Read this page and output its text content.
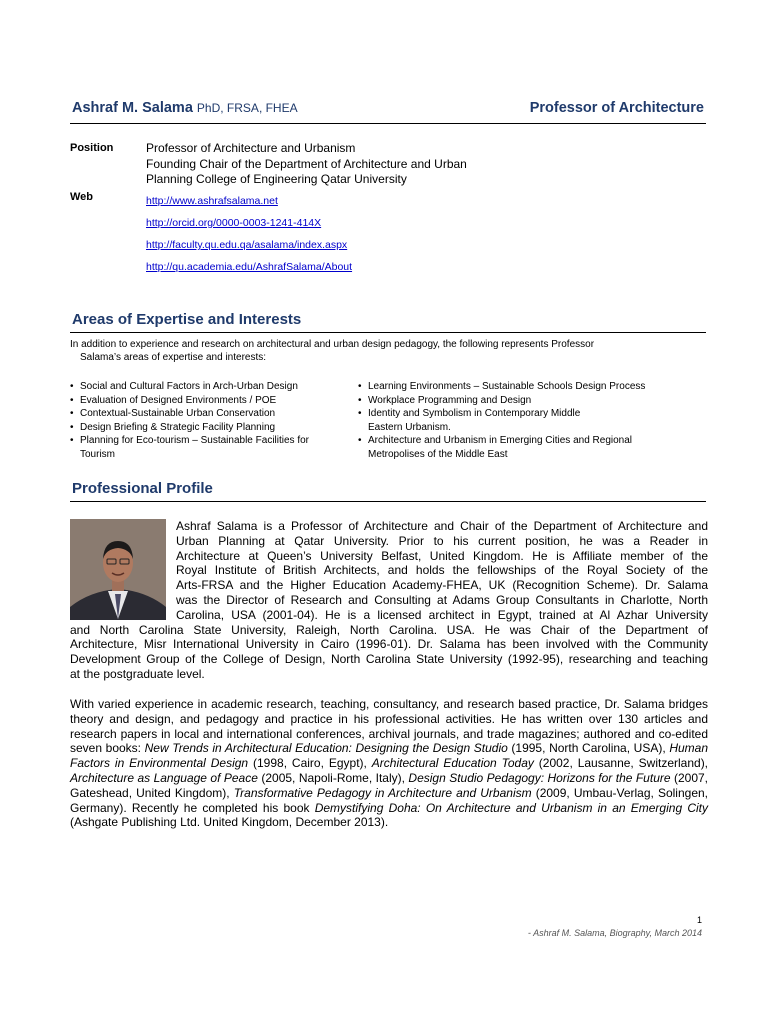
Ashraf M. Salama PhD, FRSA, FHEA	Professor of Architecture
Position	Professor of Architecture and Urbanism
Founding Chair of the Department of Architecture and Urban
Planning College of Engineering Qatar University
Web	http://www.ashrafsalama.net
http://orcid.org/0000-0003-1241-414X
http://faculty.qu.edu.qa/asalama/index.aspx
http://qu.academia.edu/AshrafSalama/About
Areas of Expertise and Interests
In addition to experience and research on architectural and urban design pedagogy, the following represents Professor
Salama’s areas of expertise and interests:
• Social and Cultural Factors in Arch-Urban Design
• Evaluation of Designed Environments / POE
• Contextual-Sustainable Urban Conservation
• Design Briefing & Strategic Facility Planning
• Planning for Eco-tourism – Sustainable Facilities for
Tourism
• Learning Environments – Sustainable Schools Design Process
• Workplace Programming and Design
• Identity and Symbolism in Contemporary Middle
Eastern Urbanism.
• Architecture and Urbanism in Emerging Cities and Regional
Metropolises of the Middle East
Professional Profile
Ashraf Salama is a Professor of Architecture and Chair of the Department of Architecture and
Urban Planning at Qatar University. Prior to his current position, he was a Reader in
Architecture at Queen’s University Belfast, United Kingdom. He is Affiliate member of the
Royal Institute of British Architects, and holds the fellowships of the Royal Society of the
Arts-FRSA and the Higher Education Academy-FHEA, UK (Recognition Scheme). Dr. Salama
was the Director of Research and Consulting at Adams Group Consultants in Charlotte, North
Carolina, USA (2001-04). He is a licensed architect in Egypt, trained at Al Azhar University
and North Carolina State University, Raleigh, North Carolina. USA. He was Chair of the Department of
Architecture, Misr International University in Cairo (1996-01). Dr. Salama has been involved with the Community
Development Group of the College of Design, North Carolina State University (1992-95), researching and teaching
at the postgraduate level.
With varied experience in academic research, teaching, consultancy, and research based practice, Dr. Salama bridges theory and design, and pedagogy and practice in his professional activities. He has written over 130 articles and research papers in local and international conferences, archival journals, and trade magazines; authored and co-edited seven books: New Trends in Architectural Education: Designing the Design Studio (1995, North Carolina, USA), Human Factors in Environmental Design (1998, Cairo, Egypt), Architectural Education Today (2002, Lausanne, Switzerland), Architecture as Language of Peace (2005, Napoli-Rome, Italy), Design Studio Pedagogy: Horizons for the Future (2007, Gateshead, United Kingdom), Transformative Pedagogy in Architecture and Urbanism (2009, Umbau-Verlag, Solingen, Germany). Recently he completed his book Demystifying Doha: On Architecture and Urbanism in an Emerging City (Ashgate Publishing Ltd. United Kingdom, December 2013).
1
- Ashraf M. Salama, Biography, March 2014
